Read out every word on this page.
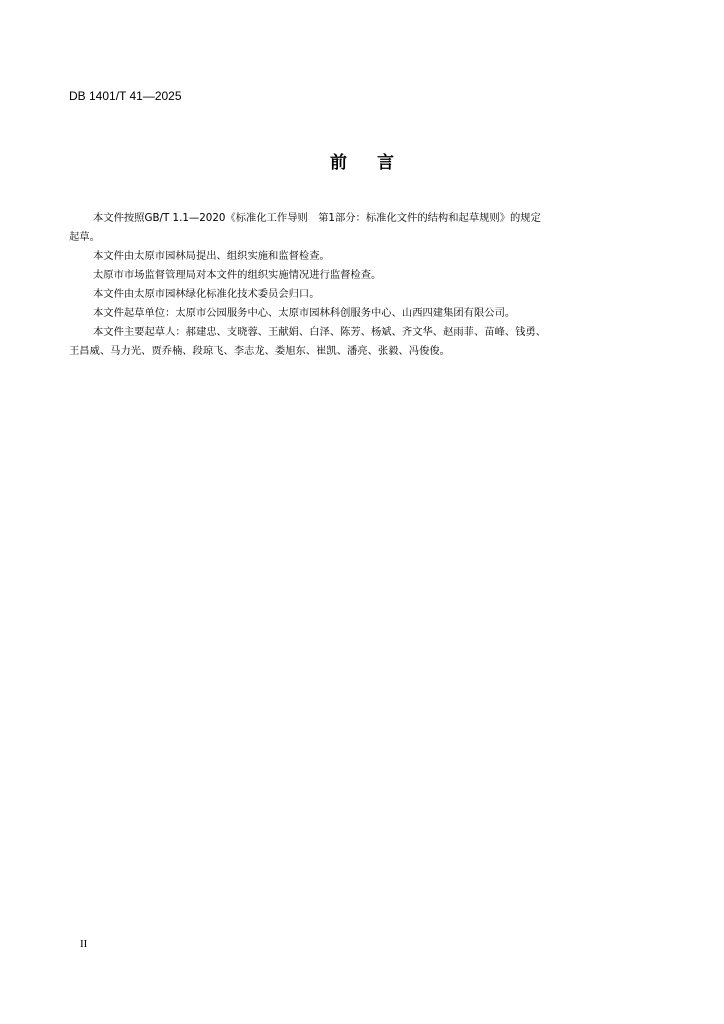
DB 1401/T 41—2025
前 言
本文件按照GB/T 1.1—2020《标准化工作导则　第1部分：标准化文件的结构和起草规则》的规定
起草。
本文件由太原市园林局提出、组织实施和监督检查。
太原市市场监督管理局对本文件的组织实施情况进行监督检查。
本文件由太原市园林绿化标准化技术委员会归口。
本文件起草单位：太原市公园服务中心、太原市园林科创服务中心、山西四建集团有限公司。
本文件主要起草人：郝建忠、支晓蓉、王献娟、白泽、陈芳、杨斌、齐文华、赵雨菲、苗峰、钱勇、
王昌威、马力光、贾乔楠、段琼飞、李志龙、娄旭东、崔凯、潘亮、张毅、冯俊俊。
II
